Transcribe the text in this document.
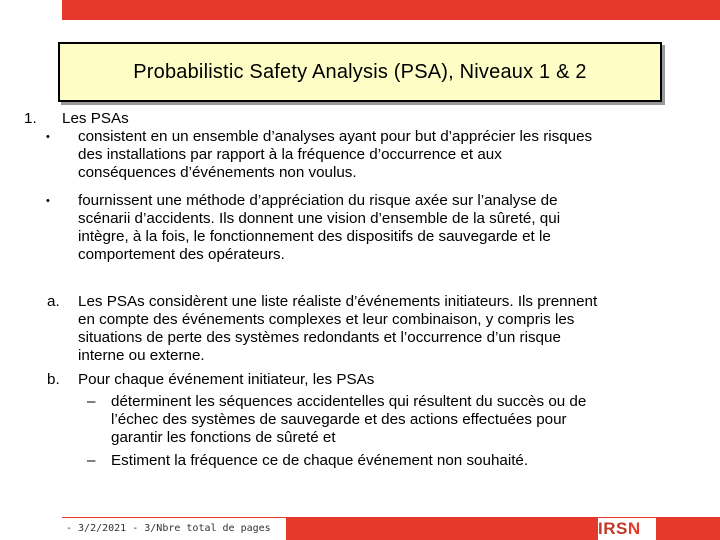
Probabilistic Safety Analysis (PSA), Niveaux 1 & 2
1. Les PSAs
• consistent en un ensemble d’analyses ayant pour but d’apprécier les risques
des installations par rapport à la fréquence d’occurrence et aux
conséquences d’événements non voulus.
• fournissent une méthode d’appréciation du risque axée sur l’analyse de
scénarii d’accidents. Ils donnent une vision d’ensemble de la sûreté, qui
intègre, à la fois, le fonctionnement des dispositifs de sauvegarde et le
comportement des opérateurs.
a. Les PSAs considèrent une liste réaliste d’événements initiateurs. Ils prennent
en compte des événements complexes et leur combinaison, y compris les
situations de perte des systèmes redondants et l’occurrence d’un risque
interne ou externe.
b. Pour chaque événement initiateur, les PSAs
– déterminent les séquences accidentelles qui résultent du succès ou de
l’échec des systèmes de sauvegarde et des actions effectuées pour
garantir les fonctions de sûreté et
– Estiment la fréquence ce de chaque événement non souhaité.
- 3/2/2021 - 3/Nbre total de pages	IRSN
